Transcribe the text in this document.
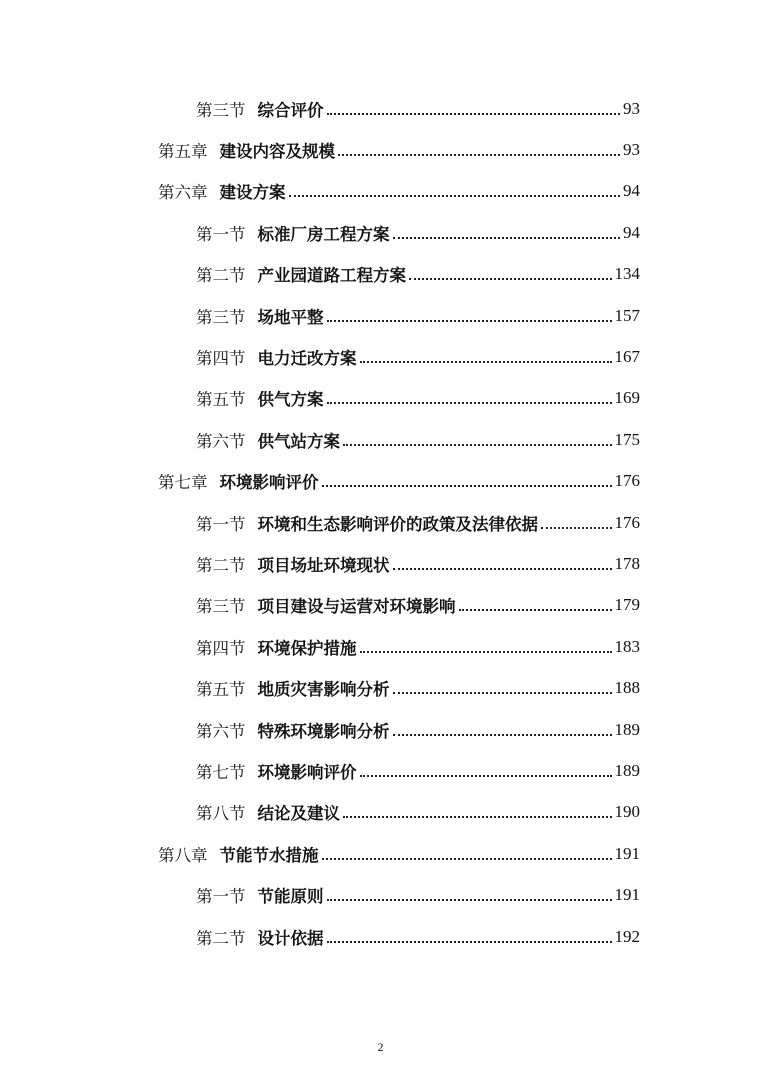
第三节 综合评价	93
第五章 建设内容及规模	93
第六章 建设方案	94
第一节 标准厂房工程方案	94
第二节 产业园道路工程方案	134
第三节 场地平整	157
第四节 电力迁改方案	167
第五节 供气方案	169
第六节 供气站方案	175
第七章 环境影响评价	176
第一节 环境和生态影响评价的政策及法律依据	176
第二节 项目场址环境现状	178
第三节 项目建设与运营对环境影响	179
第四节 环境保护措施	183
第五节 地质灾害影响分析	188
第六节 特殊环境影响分析	189
第七节 环境影响评价	189
第八节 结论及建议	190
第八章 节能节水措施	191
第一节 节能原则	191
第二节 设计依据	192
2
